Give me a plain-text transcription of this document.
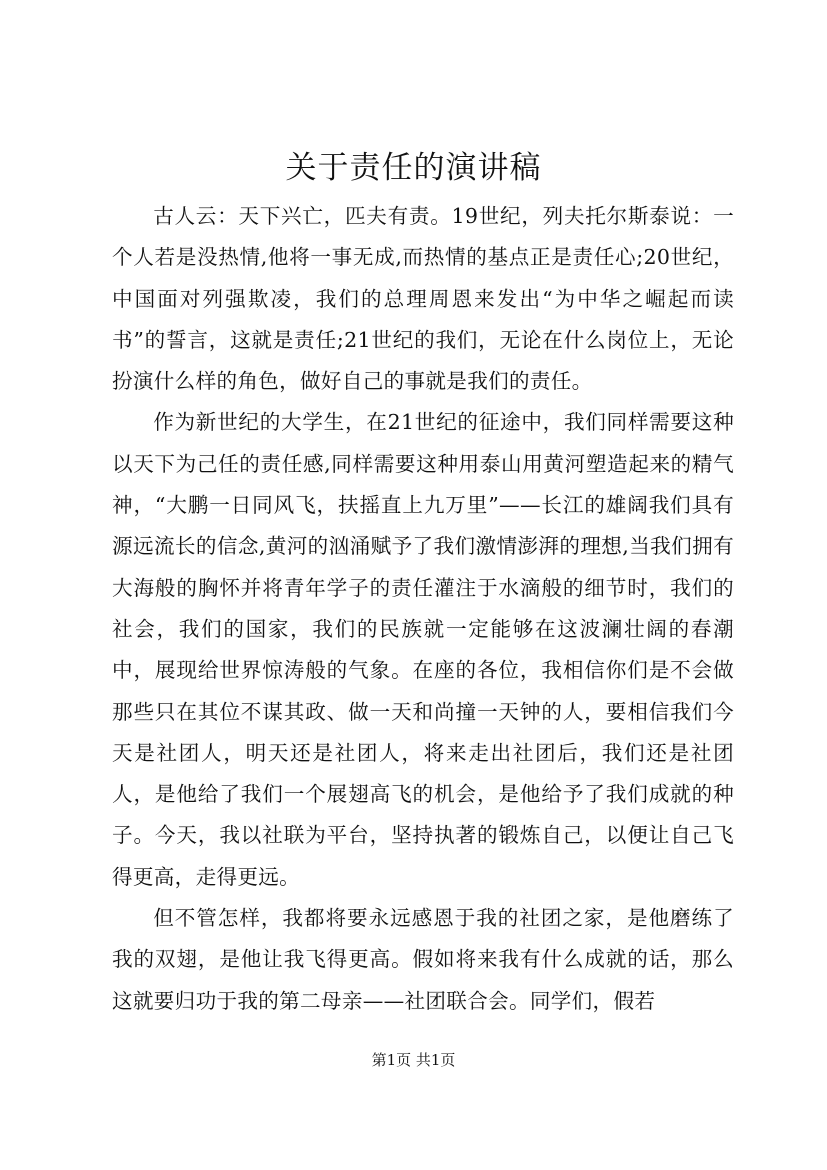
关于责任的演讲稿

古人云：天下兴亡，匹夫有责。19世纪，列夫托尔斯泰说：一个人若是没热情,他将一事无成,而热情的基点正是责任心;20世纪，中国面对列强欺凌，我们的总理周恩来发出“为中华之崛起而读书”的誓言，这就是责任;21世纪的我们，无论在什么岗位上，无论扮演什么样的角色，做好自己的事就是我们的责任。

作为新世纪的大学生，在21世纪的征途中，我们同样需要这种以天下为己任的责任感,同样需要这种用泰山用黄河塑造起来的精气神，“大鹏一日同风飞，扶摇直上九万里”——长江的雄阔我们具有源远流长的信念,黄河的汹涌赋予了我们激情澎湃的理想,当我们拥有大海般的胸怀并将青年学子的责任灌注于水滴般的细节时，我们的社会，我们的国家，我们的民族就一定能够在这波澜壮阔的春潮中，展现给世界惊涛般的气象。在座的各位，我相信你们是不会做那些只在其位不谋其政、做一天和尚撞一天钟的人，要相信我们今天是社团人，明天还是社团人，将来走出社团后，我们还是社团人，是他给了我们一个展翅高飞的机会，是他给予了我们成就的种子。今天，我以社联为平台，坚持执著的锻炼自己，以便让自己飞得更高，走得更远。

但不管怎样，我都将要永远感恩于我的社团之家，是他磨练了我的双翅，是他让我飞得更高。假如将来我有什么成就的话，那么这就要归功于我的第二母亲——社团联合会。同学们，假若

第1页 共1页
